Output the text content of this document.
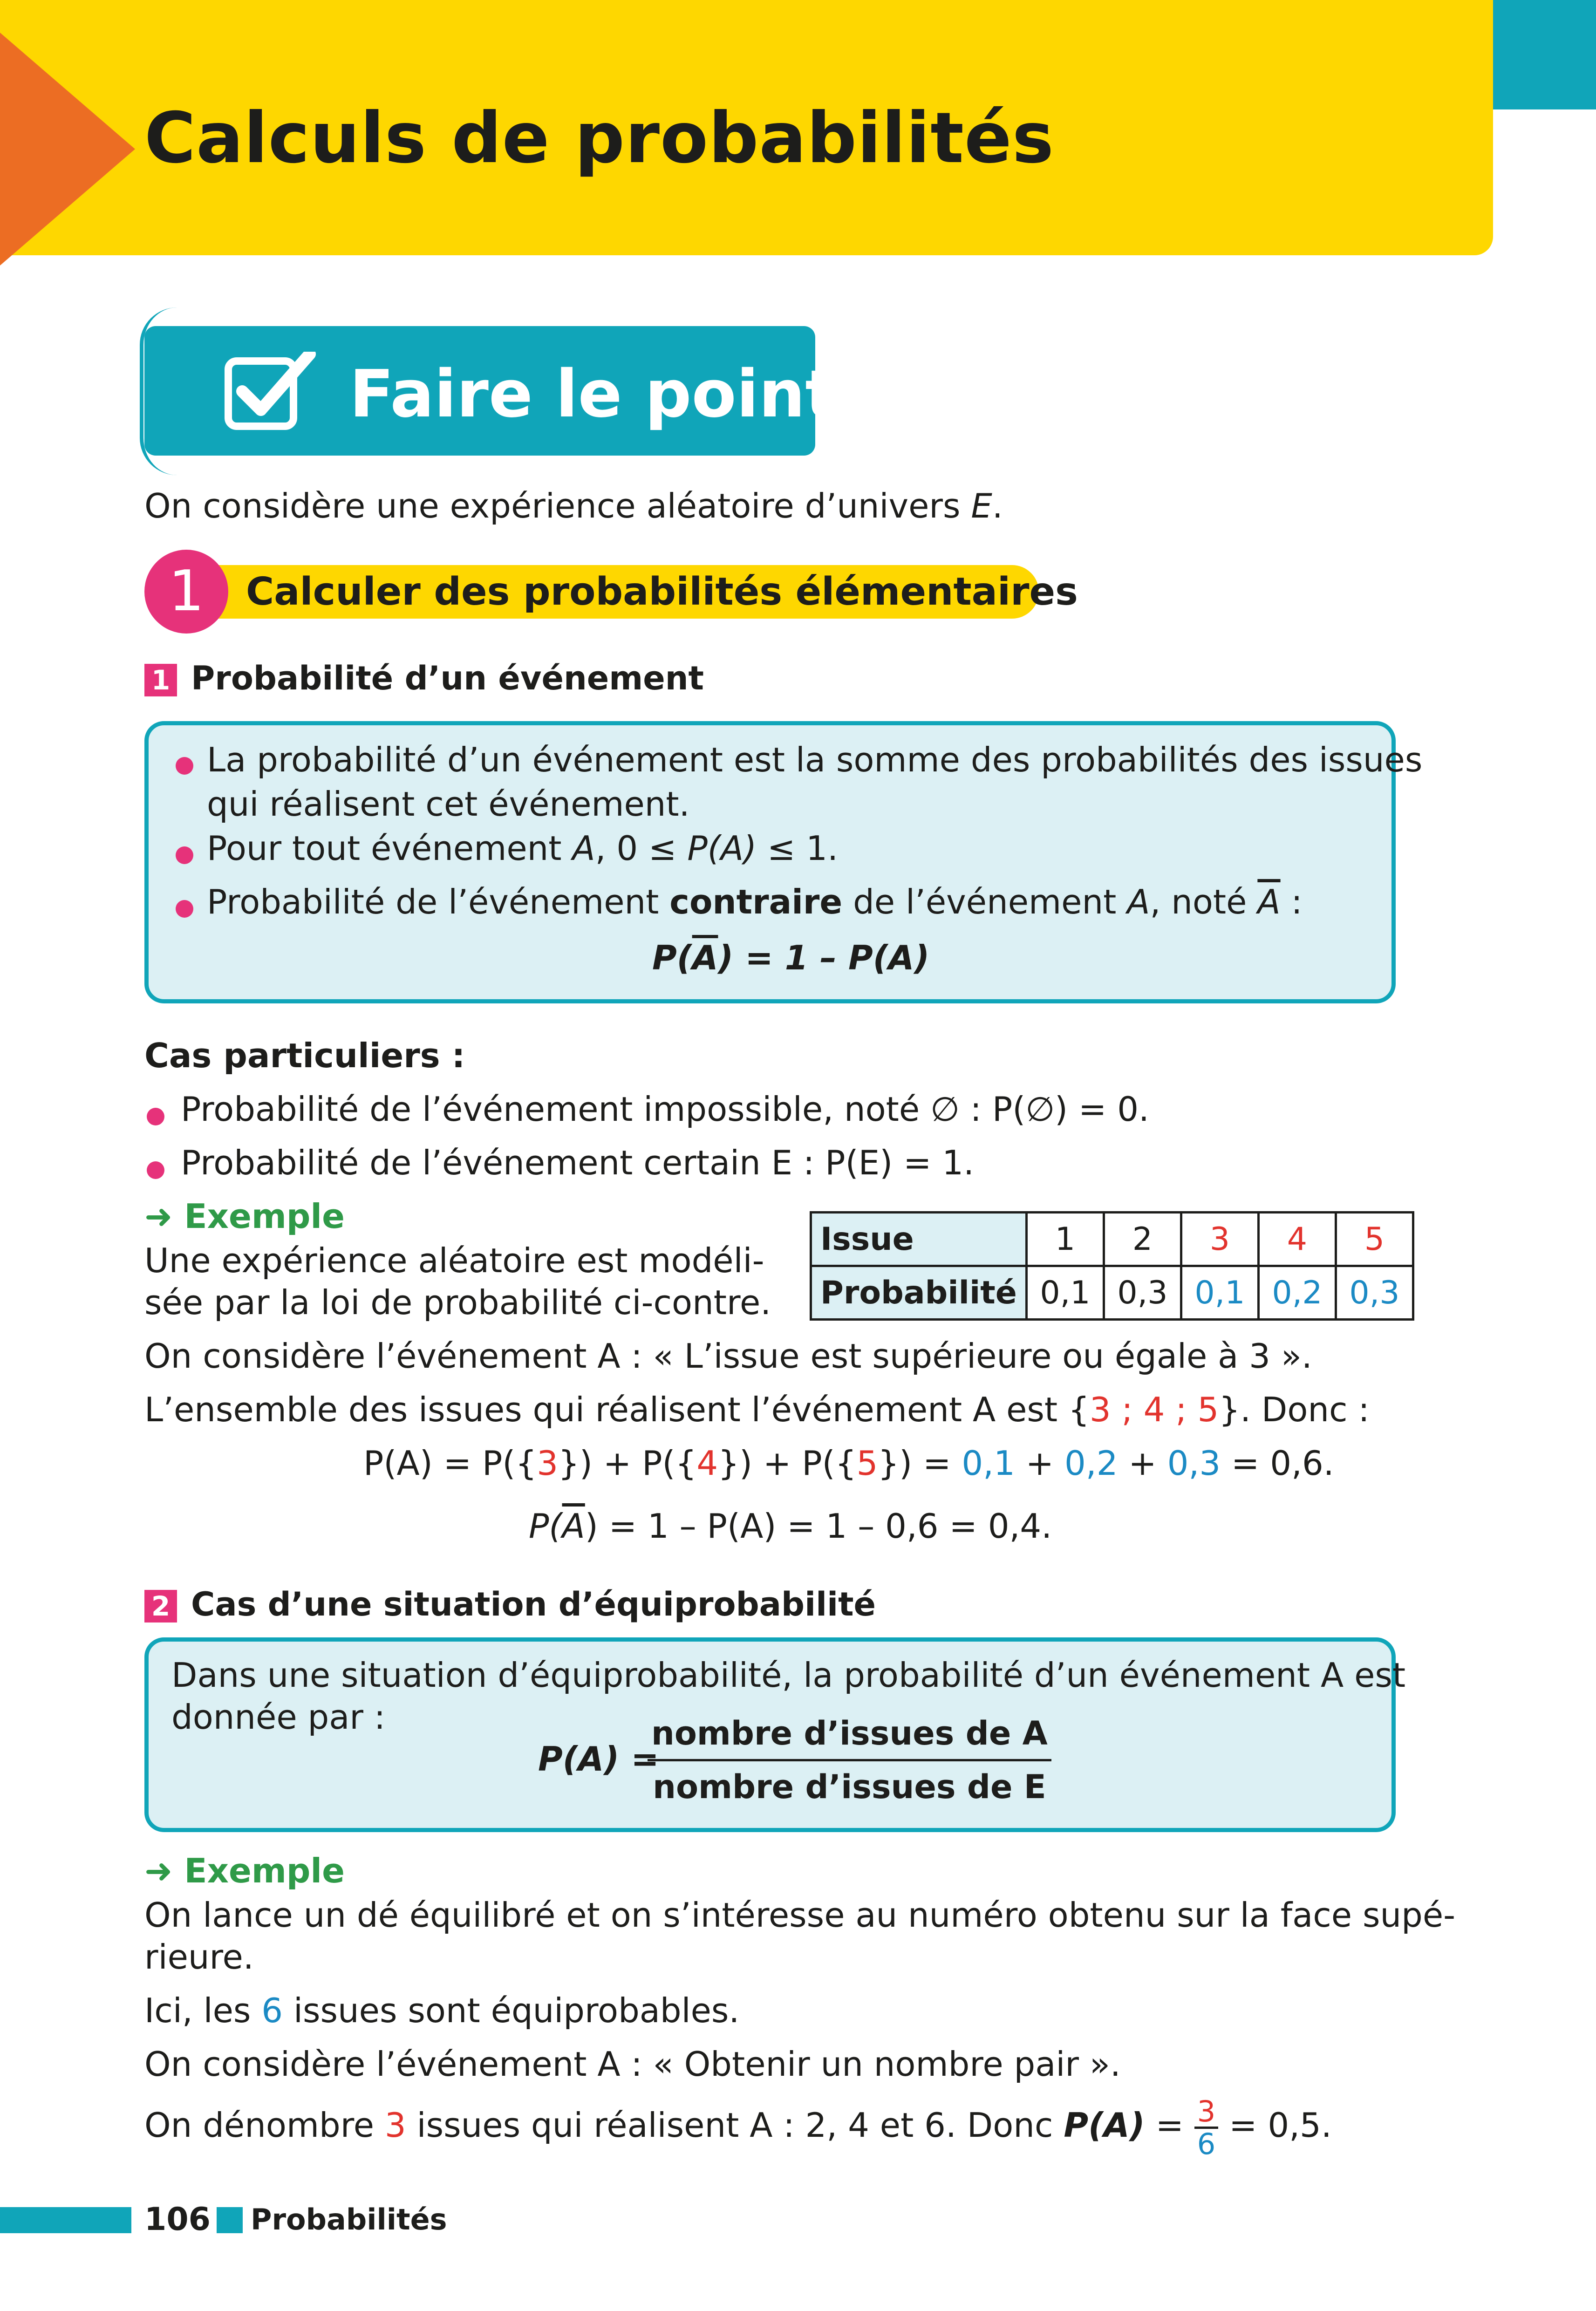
Calculs de probabilités
Faire le point
On considère une expérience aléatoire d’univers E.
1	Calculer des probabilités élémentaires
1 Probabilité d’un événement
La probabilité d’un événement est la somme des probabilités des issues
qui réalisent cet événement.
Pour tout événement A, 0 ≤ P(A) ≤ 1.
Probabilité de l’événement contraire de l’événement A, noté $\overline{A}$ :
$P(\overline{A}) = 1 - P(A)$
Cas particuliers :
Probabilité de l’événement impossible, noté ∅ : P(∅) = 0.
Probabilité de l’événement certain E : P(E) = 1.
➜ Exemple
Une expérience aléatoire est modéli-
sée par la loi de probabilité ci-contre.
Issue	1	2	3	4	5
Probabilité	0,1	0,3	0,1	0,2	0,3
On considère l’événement A : « L’issue est supérieure ou égale à 3 ».
L’ensemble des issues qui réalisent l’événement A est {3 ; 4 ; 5}. Donc :
P(A) = P({3}) + P({4}) + P({5}) = 0,1 + 0,2 + 0,3 = 0,6.
$P(\overline{A}) = 1 - P(A) = 1 - 0,6 = 0,4$.
2 Cas d’une situation d’équiprobabilité
Dans une situation d’équiprobabilité, la probabilité d’un événement A est
donnée par :
P(A) =
nombre d’issues de A
nombre d’issues de E
➜ Exemple
On lance un dé équilibré et on s’intéresse au numéro obtenu sur la face supé-
rieure.
Ici, les 6 issues sont équiprobables.
On considère l’événement A : « Obtenir un nombre pair ».
On dénombre 3 issues qui réalisent A : 2, 4 et 6. Donc $P(A) = \frac{3}{6} = 0,5$.
106 Probabilités
